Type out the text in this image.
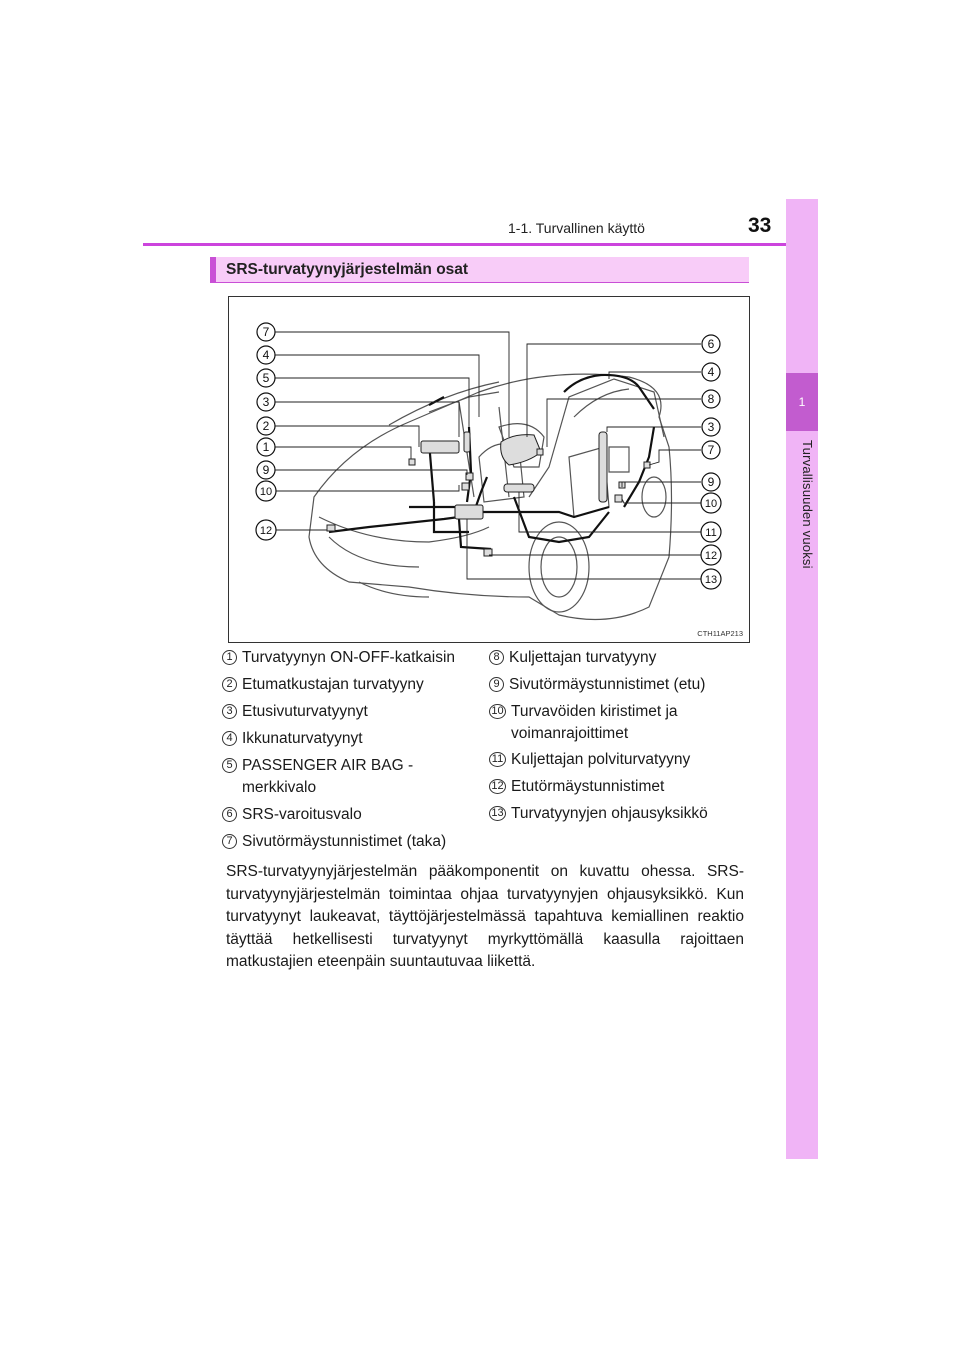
1-1. Turvallinen käyttö	33
1
Turvallisuuden vuoksi
SRS-turvatyynyjärjestelmän osat
7
4
5
3
2
1
9
10
12
6
4
8
3
7
9
10
11
12
13
CTH11AP213
1 Turvatyynyn ON-OFF-katkaisin
2 Etumatkustajan turvatyyny
3 Etusivuturvatyynyt
4 Ikkunaturvatyynyt
5 PASSENGER AIR BAG -
merkkivalo
6 SRS-varoitusvalo
7 Sivutörmäystunnistimet (taka)
8 Kuljettajan turvatyyny
9 Sivutörmäystunnistimet (etu)
10 Turvavöiden kiristimet ja
voimanrajoittimet
11 Kuljettajan polviturvatyyny
12 Etutörmäystunnistimet
13 Turvatyynyjen ohjausyksikkö
SRS-turvatyynyjärjestelmän pääkomponentit on kuvattu ohessa. SRS-turvatyynyjärjestelmän toimintaa ohjaa turvatyynyjen ohjausyksikkö. Kun turvatyynyt laukeavat, täyttöjärjestelmässä tapahtuva kemiallinen reaktio täyttää hetkellisesti turvatyynyt myrkyttömällä kaasulla rajoittaen matkustajien eteenpäin suuntautuvaa liikettä.
